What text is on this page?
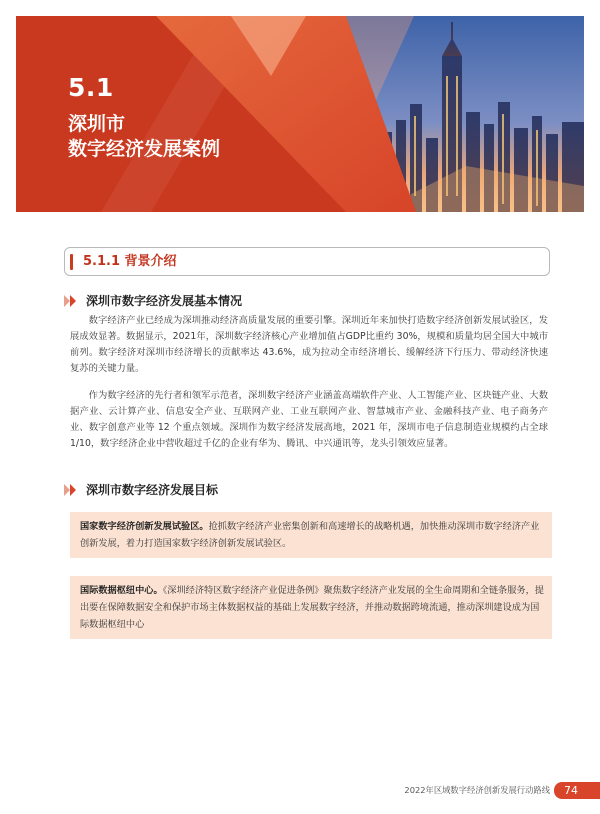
5.1
深圳市
数字经济发展案例
5.1.1 背景介绍
深圳市数字经济发展基本情况

数字经济产业已经成为深圳推动经济高质量发展的重要引擎。深圳近年来加快打造数字经济创新发展试验区，发展成效显著。数据显示，2021年，深圳数字经济核心产业增加值占GDP比重约 30%，规模和质量均居全国大中城市前列。数字经济对深圳市经济增长的贡献率达 43.6%，成为拉动全市经济增长、缓解经济下行压力、带动经济快速复苏的关键力量。

作为数字经济的先行者和领军示范者，深圳数字经济产业涵盖高端软件产业、人工智能产业、区块链产业、大数据产业、云计算产业、信息安全产业、互联网产业、工业互联网产业、智慧城市产业、金融科技产业、电子商务产业、数字创意产业等 12 个重点领域。深圳作为数字经济发展高地，2021 年，深圳市电子信息制造业规模约占全球 1/10，数字经济企业中营收超过千亿的企业有华为、腾讯、中兴通讯等，龙头引领效应显著。

深圳市数字经济发展目标
国家数字经济创新发展试验区。抢抓数字经济产业密集创新和高速增长的战略机遇，加快推动深圳市数字经济产业创新发展，着力打造国家数字经济创新发展试验区。
国际数据枢纽中心。《深圳经济特区数字经济产业促进条例》聚焦数字经济产业发展的全生命周期和全链条服务，提出要在保障数据安全和保护市场主体数据权益的基础上发展数字经济，并推动数据跨境流通，推动深圳建设成为国际数据枢纽中心
2022年区域数字经济创新发展行动路线 74
